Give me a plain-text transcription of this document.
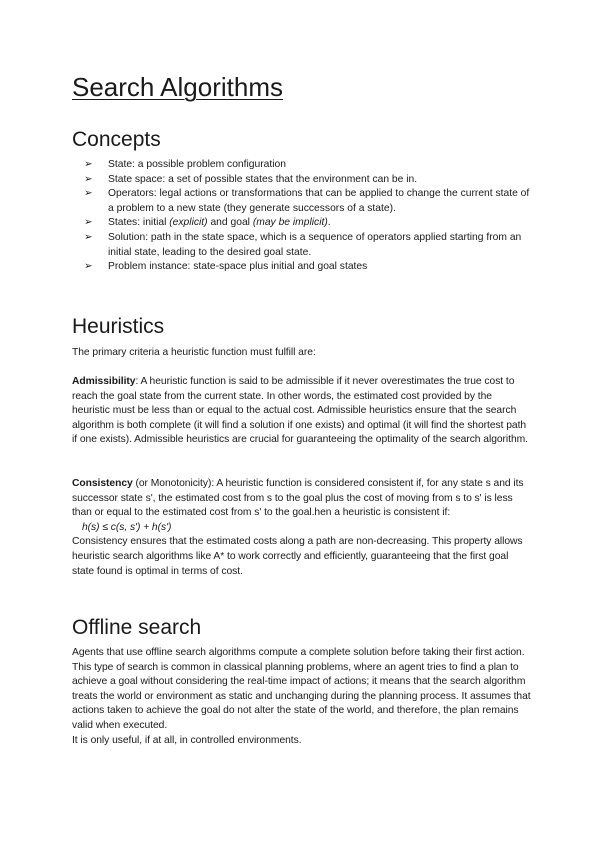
Search Algorithms
Concepts
➢ State: a possible problem configuration
➢ State space: a set of possible states that the environment can be in.
➢ Operators: legal actions or transformations that can be applied to change the current state of a problem to a new state (they generate successors of a state).
➢ States: initial (explicit) and goal (may be implicit).
➢ Solution: path in the state space, which is a sequence of operators applied starting from an initial state, leading to the desired goal state.
➢ Problem instance: state-space plus initial and goal states
Heuristics

The primary criteria a heuristic function must fulfill are:

Admissibility: A heuristic function is said to be admissible if it never overestimates the true cost to reach the goal state from the current state. In other words, the estimated cost provided by the heuristic must be less than or equal to the actual cost. Admissible heuristics ensure that the search algorithm is both complete (it will find a solution if one exists) and optimal (it will find the shortest path if one exists). Admissible heuristics are crucial for guaranteeing the optimality of the search algorithm.

Consistency (or Monotonicity): A heuristic function is considered consistent if, for any state s and its successor state s', the estimated cost from s to the goal plus the cost of moving from s to s' is less than or equal to the estimated cost from s' to the goal.hen a heuristic is consistent if:
h(s) ≤ c(s, s') + h(s')
Consistency ensures that the estimated costs along a path are non-decreasing. This property allows heuristic search algorithms like A* to work correctly and efficiently, guaranteeing that the first goal state found is optimal in terms of cost.
Offline search
Agents that use offline search algorithms compute a complete solution before taking their first action. This type of search is common in classical planning problems, where an agent tries to find a plan to achieve a goal without considering the real-time impact of actions; it means that the search algorithm treats the world or environment as static and unchanging during the planning process. It assumes that actions taken to achieve the goal do not alter the state of the world, and therefore, the plan remains valid when executed.
It is only useful, if at all, in controlled environments.
